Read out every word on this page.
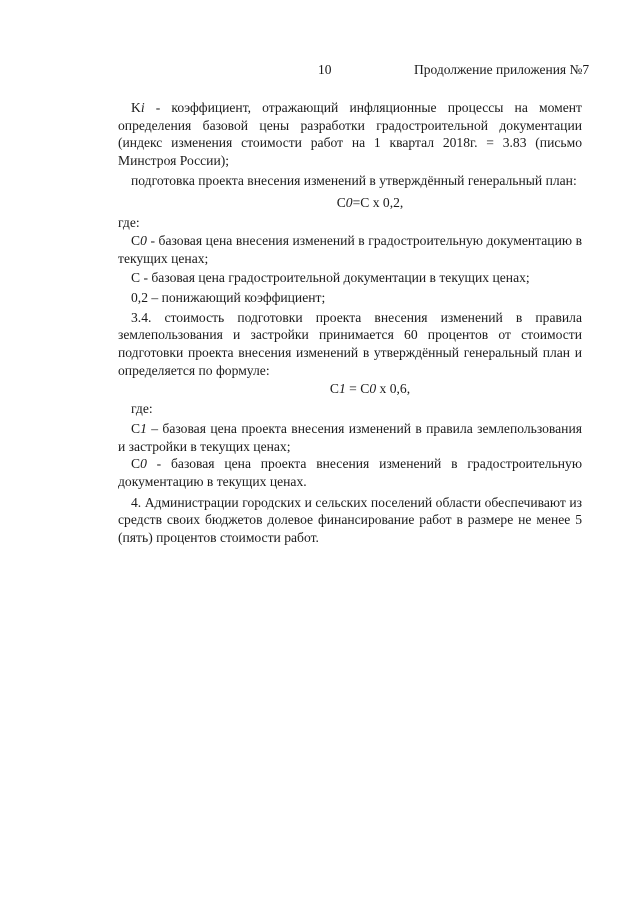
10	Продолжение приложения №7

Ki - коэффициент, отражающий инфляционные процессы на момент определения базовой цены разработки градостроительной документации (индекс изменения стоимости работ на 1 квартал 2018г. = 3.83 (письмо Минстроя России);

подготовка проекта внесения изменений в утверждённый генеральный план:

С0=С х 0,2,

где:

С0 - базовая цена внесения изменений в градостроительную документацию в текущих ценах;

С - базовая цена градостроительной документации в текущих ценах;

0,2 – понижающий коэффициент;

3.4. стоимость подготовки проекта внесения изменений в правила землепользования и застройки принимается 60 процентов от стоимости подготовки проекта внесения изменений в утверждённый генеральный план и определяется по формуле:

С1 = С0 х 0,6,

где:

С1 – базовая цена проекта внесения изменений в правила землепользования и застройки в текущих ценах;

С0 - базовая цена проекта внесения изменений в градостроительную документацию в текущих ценах.

4. Администрации городских и сельских поселений области обеспечивают из средств своих бюджетов долевое финансирование работ в размере не менее 5 (пять) процентов стоимости работ.
